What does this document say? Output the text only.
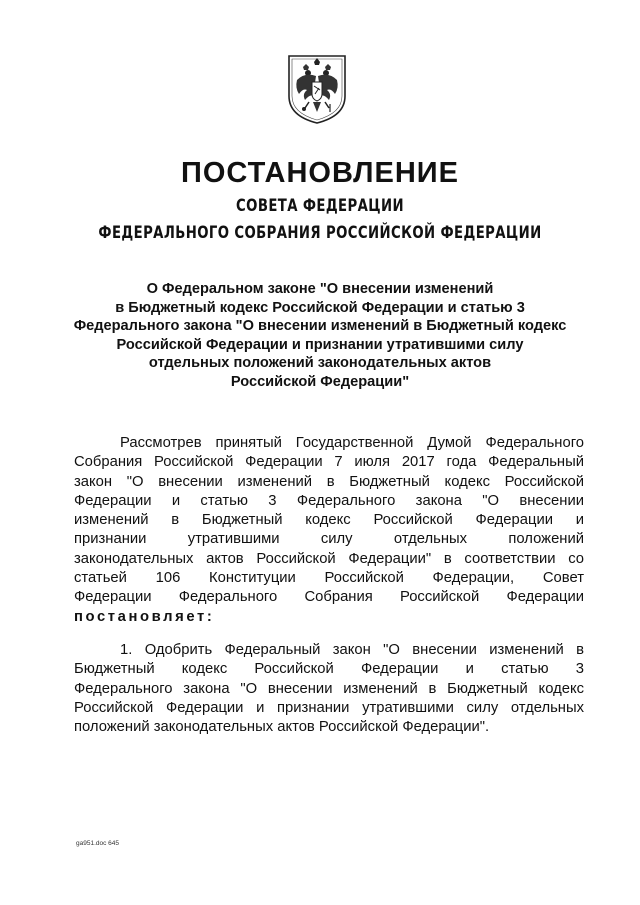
ПОСТАНОВЛЕНИЕ
СОВЕТА ФЕДЕРАЦИИ
ФЕДЕРАЛЬНОГО СОБРАНИЯ РОССИЙСКОЙ ФЕДЕРАЦИИ
О Федеральном законе "О внесении изменений
в Бюджетный кодекс Российской Федерации и статью 3
Федерального закона "О внесении изменений в Бюджетный кодекс
Российской Федерации и признании утратившими силу
отдельных положений законодательных актов
Российской Федерации"
Рассмотрев принятый Государственной Думой Федерального
Собрания Российской Федерации 7 июля 2017 года Федеральный
закон "О внесении изменений в Бюджетный кодекс Российской
Федерации и статью 3 Федерального закона "О внесении
изменений в Бюджетный кодекс Российской Федерации и
признании утратившими силу отдельных положений
законодательных актов Российской Федерации" в соответствии со
статьей 106 Конституции Российской Федерации, Совет
Федерации Федерального Собрания Российской Федерации
постановляет:
1. Одобрить Федеральный закон "О внесении изменений в
Бюджетный кодекс Российской Федерации и статью 3
Федерального закона "О внесении изменений в Бюджетный кодекс
Российской Федерации и признании утратившими силу отдельных
положений законодательных актов Российской Федерации".
ga951.doc 645
